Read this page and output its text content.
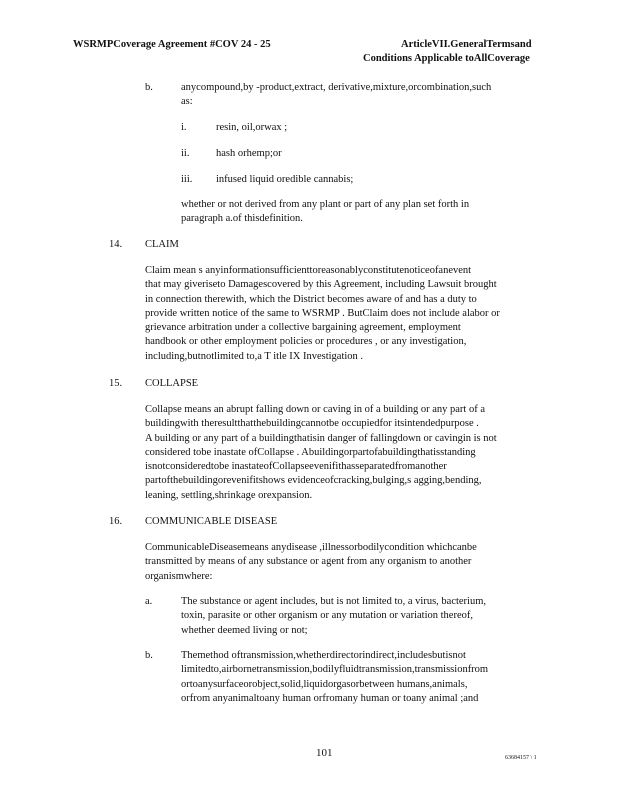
WSRMPCoverage Agreement #COV 24 - 25	ArticleVII.GeneralTermsand
Conditions Applicable toAllCoverage
b.	anycompound,by -product,extract, derivative,mixture,orcombination,such
as:
i.	resin, oil,orwax ;
ii.	hash orhemp;or
iii. infused liquid oredible cannabis;
whether or not derived from any plant or part of any plan set forth in
paragraph a.of thisdefinition.
14. CLAIM
Claim mean s anyinformationsufficienttoreasonablyconstitutenoticeofanevent
that may giveriseto Damagescovered by this Agreement, including Lawsuit brought
in connection therewith, which the District becomes aware of and has a duty to
provide written notice of the same to WSRMP . ButClaim does not include alabor or
grievance arbitration under a collective bargaining agreement, employment
handbook or other employment policies or procedures , or any investigation,
including,butnotlimited to,a T itle IX Investigation .
15. COLLAPSE
Collapse means an abrupt falling down or caving in of a building or any part of a
buildingwith theresultthatthebuildingcannotbe occupiedfor itsintendedpurpose .
A building or any part of a buildingthatisin danger of fallingdown or cavingin is not
considered tobe inastate ofCollapse . Abuildingorpartofabuildingthatisstanding
isnotconsideredtobe inastateofCollapseevenifithasseparatedfromanother
partofthebuildingorevenifitshows evidenceofcracking,bulging,s agging,bending,
leaning, settling,shrinkage orexpansion.
16. COMMUNICABLE DISEASE
CommunicableDiseasemeans anydisease ,illnessorbodilycondition whichcanbe
transmitted by means of any substance or agent from any organism to another
organismwhere:
a.	The substance or agent includes, but is not limited to, a virus, bacterium,
toxin, parasite or other organism or any mutation or variation thereof,
whether deemed living or not;
b.	Themethod oftransmission,whetherdirectorindirect,includesbutisnot
limitedto,airbornetransmission,bodilyfluidtransmission,transmissionfrom
ortoanysurfaceorobject,solid,liquidorgasorbetween humans,animals,
orfrom anyanimaltoany human orfromany human or toany animal ;and
101	63684157 \ 1
